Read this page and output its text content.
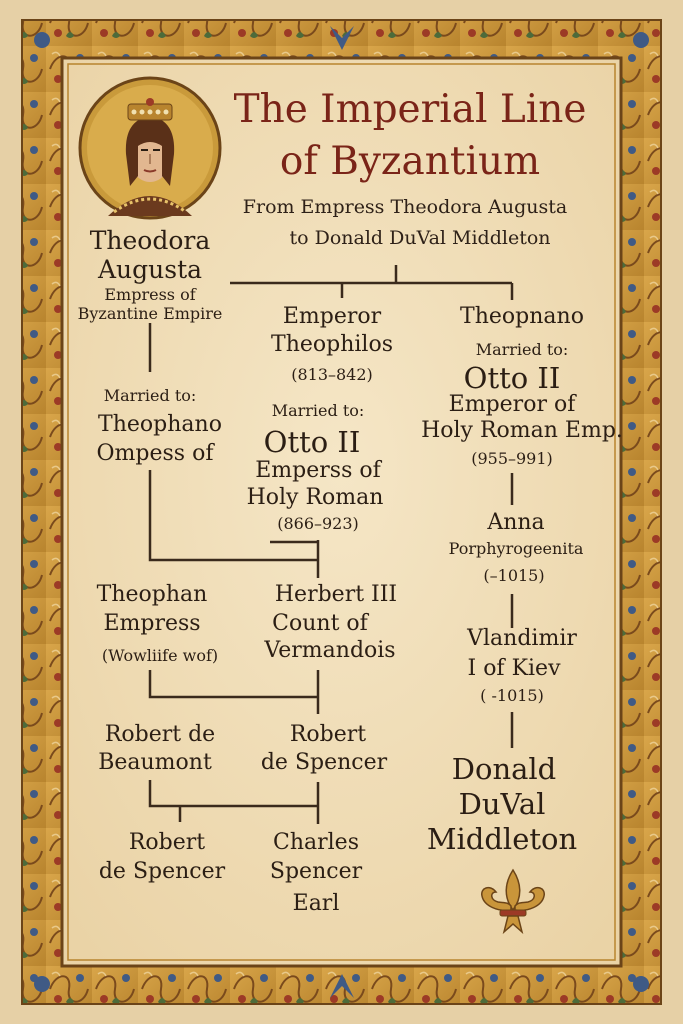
The Imperial Line
of Byzantium
From Empress Theodora Augusta
to Donald DuVal Middleton
Theodora
Augusta
Empress of
Byzantine Empire
Married to:
Theophano
Ompess of
Emperor
Theophilos
(813–842)
Married to:
Otto II
Emperss of
Holy Roman
(866–923)
Theopnano
Married to:
Otto II
Emperor of
Holy Roman Emp.
(955–991)
Theophan
Empress
(Wowliife wof)
Herbert III
Count of
Vermandois
Anna
Porphyrogeenita
(–1015)
Vlandimir
I of Kiev
( -1015)
Robert de
Beaumont
Robert
de Spencer Donald
DuVal
Middleton
Robert
de Spencer
Charles
Spencer
Earl
